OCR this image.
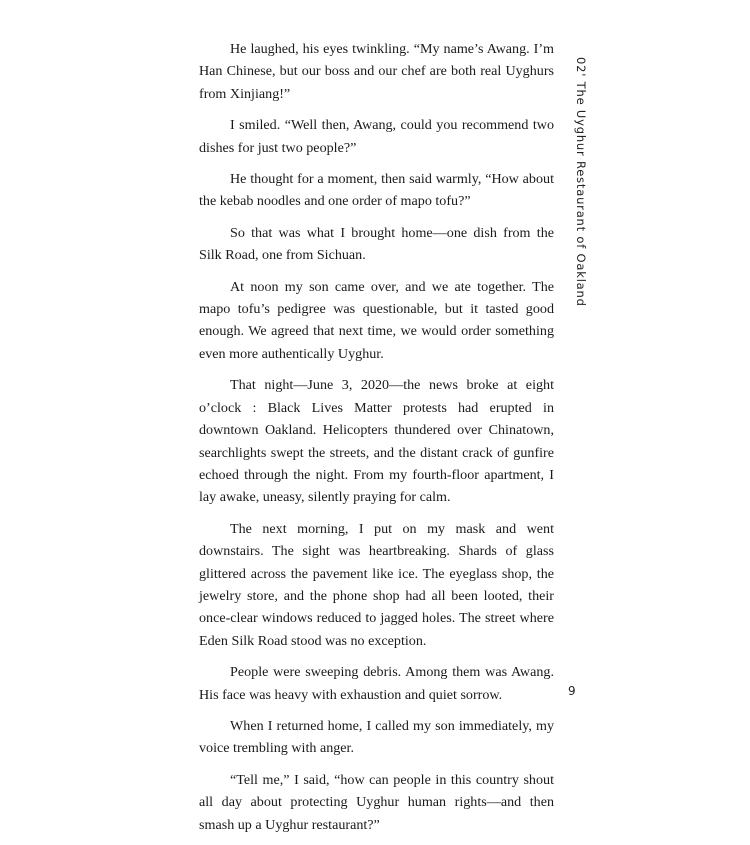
He laughed, his eyes twinkling. “My name’s Awang. I’m Han Chinese, but our boss and our chef are both real Uyghurs from Xinjiang!”

I smiled. “Well then, Awang, could you recommend two dishes for just two people?”

He thought for a moment, then said warmly, “How about the kebab noodles and one order of mapo tofu?”

So that was what I brought home—one dish from the Silk Road, one from Sichuan.

At noon my son came over, and we ate together. The mapo tofu’s pedigree was questionable, but it tasted good enough. We agreed that next time, we would order something even more authentically Uyghur.

That night—June 3, 2020—the news broke at eight o’clock : Black Lives Matter protests had erupted in downtown Oakland. Helicopters thundered over Chinatown, searchlights swept the streets, and the distant crack of gunfire echoed through the night. From my fourth-floor apartment, I lay awake, uneasy, silently praying for calm.

The next morning, I put on my mask and went downstairs. The sight was heartbreaking. Shards of glass glittered across the pavement like ice. The eyeglass shop, the jewelry store, and the phone shop had all been looted, their once-clear windows reduced to jagged holes. The street where Eden Silk Road stood was no exception.

People were sweeping debris. Among them was Awang. His face was heavy with exhaustion and quiet sorrow.

When I returned home, I called my son immediately, my voice trembling with anger.

“Tell me,” I said, “how can people in this country shout all day about protecting Uyghur human rights—and then smash up a Uyghur restaurant?”

02' The Uyghur Restaurant of Oakland
9
